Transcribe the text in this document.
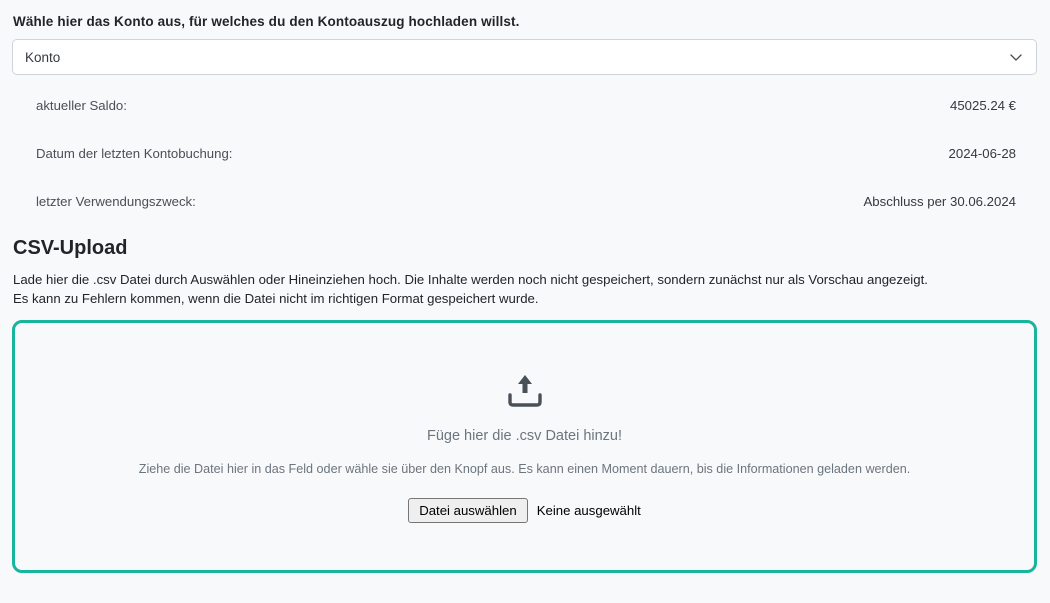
Wähle hier das Konto aus, für welches du den Kontoauszug hochladen willst.
Konto
aktueller Saldo:	45025.24 €
Datum der letzten Kontobuchung:	2024-06-28
letzter Verwendungszweck:	Abschluss per 30.06.2024
CSV-Upload
Lade hier die .csv Datei durch Auswählen oder Hineinziehen hoch. Die Inhalte werden noch nicht gespeichert, sondern zunächst nur als Vorschau angezeigt.
Es kann zu Fehlern kommen, wenn die Datei nicht im richtigen Format gespeichert wurde.
Füge hier die .csv Datei hinzu!
Ziehe die Datei hier in das Feld oder wähle sie über den Knopf aus. Es kann einen Moment dauern, bis die Informationen geladen werden.
Datei auswählen	Keine ausgewählt
